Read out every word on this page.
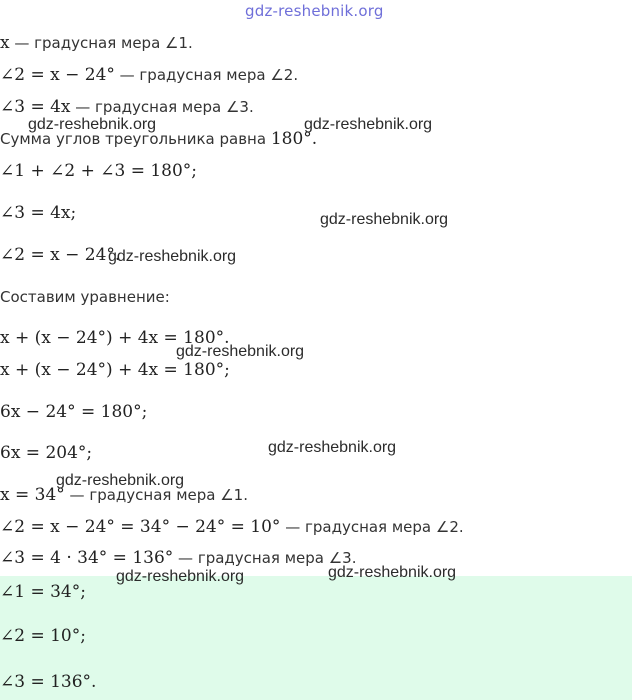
gdz-reshebnik.org
x — градусная мера ∠1.
∠2 = x − 24° — градусная мера ∠2.
∠3 = 4x — градусная мера ∠3.
Сумма углов треугольника равна 180°.
∠1 + ∠2 + ∠3 = 180°;
∠3 = 4x;
∠2 = x − 24°.
Составим уравнение:
x + (x − 24°) + 4x = 180°.
x + (x − 24°) + 4x = 180°;
6x − 24° = 180°;
6x = 204°;
x = 34° — градусная мера ∠1.
∠2 = x − 24° = 34° − 24° = 10° — градусная мера ∠2.
∠3 = 4 · 34° = 136° — градусная мера ∠3.
∠1 = 34°;
∠2 = 10°;
∠3 = 136°.
gdz-reshebnik.org	gdz-reshebnik.org
gdz-reshebnik.org
gdz-reshebnik.org
gdz-reshebnik.org
gdz-reshebnik.org
gdz-reshebnik.org
gdz-reshebnik.org	gdz-reshebnik.org
